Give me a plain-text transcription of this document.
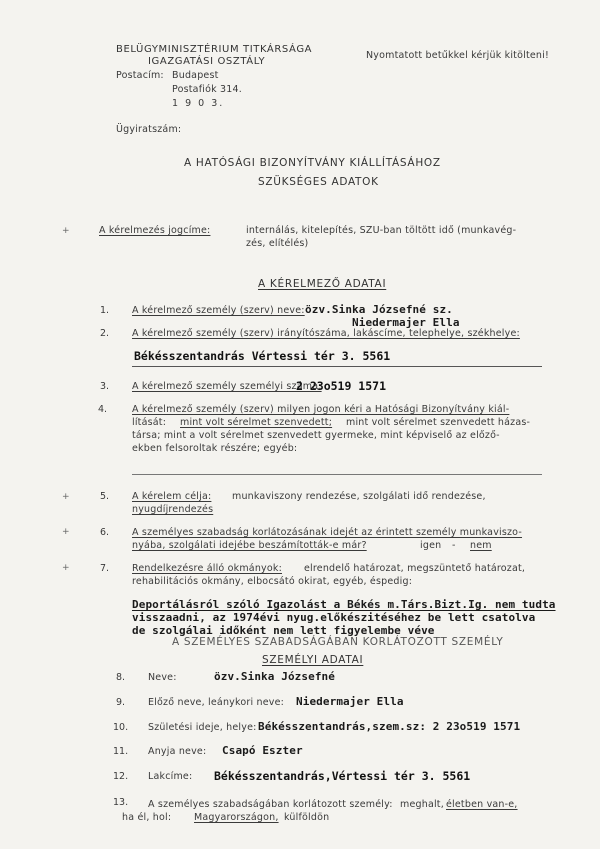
BELÜGYMINISZTÉRIUM TITKÁRSÁGA
IGAZGATÁSI OSZTÁLY
Postacím: Budapest
Postafiók 314.
1 9 0 3.
Nyomtatott betűkkel kérjük kitölteni!
Ügyiratszám:
A HATÓSÁGI BIZONYÍTVÁNY KIÁLLÍTÁSÁHOZ
SZÜKSÉGES ADATOK
+	A kérelmezés jogcíme:	internálás, kitelepítés, SZU-ban töltött idő (munkavég-
zés, elítélés)
A KÉRELMEZŐ ADATAI
1. A kérelmező személy (szerv) neve: özv.Sinka Józsefné sz.
Niedermajer Ella
2. A kérelmező személy (szerv) irányítószáma, lakáscíme, telephelye, székhelye:
Békésszentandrás Vértessi tér 3. 5561
3. A kérelmező személy személyi száma:
2 23o519 1571
4.	A kérelmező személy (szerv) milyen jogon kéri a Hatósági Bizonyítvány kiál-
lítását: mint volt sérelmet szenvedett; mint volt sérelmet szenvedett házas-
társa; mint a volt sérelmet szenvedett gyermeke, mint képviselő az előző-
ekben felsoroltak részére; egyéb:
+	5. A kérelem célja: munkaviszony rendezése, szolgálati idő rendezése,
nyugdíjrendezés
+	6. A személyes szabadság korlátozásának idejét az érintett személy munkaviszo-
nyába, szolgálati idejébe beszámították-e már?	igen - nem
+	7. Rendelkezésre álló okmányok: elrendelő határozat, megszüntető határozat,
rehabilitációs okmány, elbocsátó okirat, egyéb, éspedig:
Deportálásról szóló Igazolást a Békés m.Társ.Bizt.Ig. nem tudta
visszaadni, az 1974évi nyug.előkészitéséhez be lett csatolva
de szolgálai időként nem lett figyelembe véve
A SZEMÉLYES SZABADSÁGÁBAN KORLÁTOZOTT SZEMÉLY
SZEMÉLYI ADATAI
8. Neve:	özv.Sinka Józsefné
9. Előző neve, leánykori neve: Niedermajer Ella
10. Születési ideje, helye: Békésszentandrás,szem.sz: 2 23o519 1571
11. Anyja neve: Csapó Eszter
12. Lakcíme: Békésszentandrás,Vértessi tér 3. 5561
13. A személyes szabadságában korlátozott személy: meghalt, életben van-e,
ha él, hol: Magyarországon, külföldön
